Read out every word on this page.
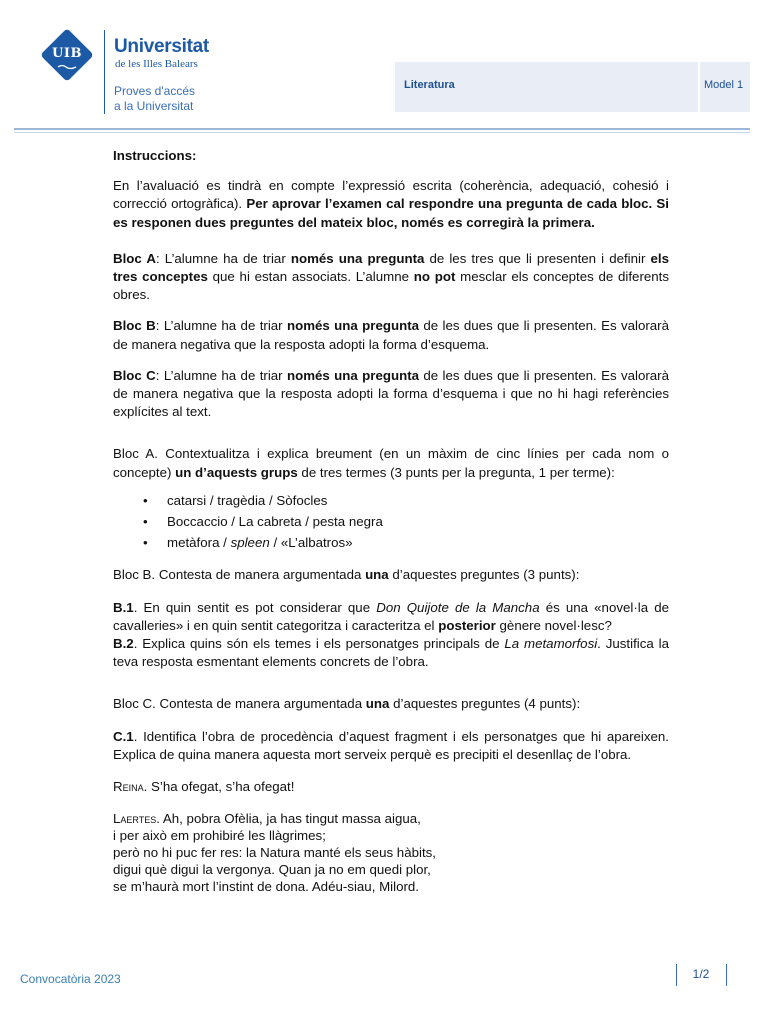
UIB	Universitat
de les Illes Balears
Proves d'accés
a la Universitat
Literatura	Model 1

Instruccions:

En l’avaluació es tindrà en compte l’expressió escrita (coherència, adequació, cohesió i correcció ortogràfica). Per aprovar l’examen cal respondre una pregunta de cada bloc. Si es responen dues preguntes del mateix bloc, només es corregirà la primera.

Bloc A: L’alumne ha de triar només una pregunta de les tres que li presenten i definir els tres conceptes que hi estan associats. L’alumne no pot mesclar els conceptes de diferents obres.

Bloc B: L’alumne ha de triar només una pregunta de les dues que li presenten. Es valorarà de manera negativa que la resposta adopti la forma d’esquema.

Bloc C: L’alumne ha de triar només una pregunta de les dues que li presenten. Es valorarà de manera negativa que la resposta adopti la forma d’esquema i que no hi hagi referències explícites al text.

Bloc A. Contextualitza i explica breument (en un màxim de cinc línies per cada nom o concepte) un d’aquests grups de tres termes (3 punts per la pregunta, 1 per terme):

• catarsi / tragèdia / Sòfocles
• Boccaccio / La cabreta / pesta negra
• metàfora / spleen / «L’albatros»

Bloc B. Contesta de manera argumentada una d’aquestes preguntes (3 punts):

B.1. En quin sentit es pot considerar que Don Quijote de la Mancha és una «novel·la de cavalleries» i en quin sentit categoritza i caracteritza el posterior gènere novel·lesc?

B.2. Explica quins són els temes i els personatges principals de La metamorfosi. Justifica la teva resposta esmentant elements concrets de l’obra.

Bloc C. Contesta de manera argumentada una d’aquestes preguntes (4 punts):

C.1. Identifica l’obra de procedència d’aquest fragment i els personatges que hi apareixen. Explica de quina manera aquesta mort serveix perquè es precipiti el desenllaç de l’obra.

Reina. S’ha ofegat, s’ha ofegat!

Laertes. Ah, pobra Ofèlia, ja has tingut massa aigua,
i per això em prohibiré les llàgrimes;
però no hi puc fer res: la Natura manté els seus hàbits,
digui què digui la vergonya. Quan ja no em quedi plor,
se m’haurà mort l’instint de dona. Adéu-siau, Milord.

Convocatòria 2023	1/2
